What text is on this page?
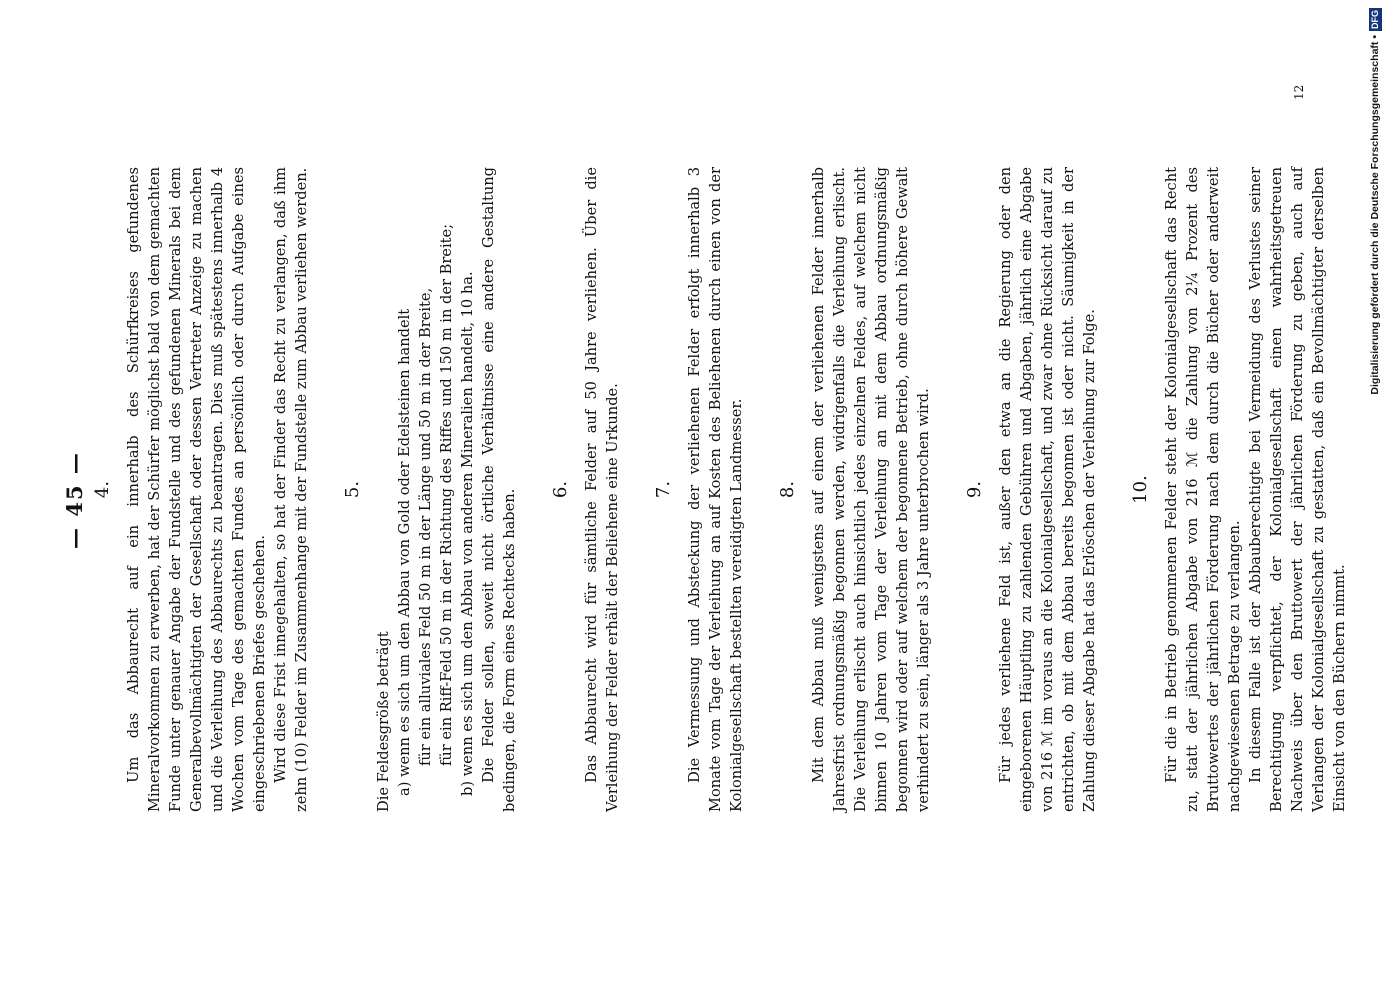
— 45 — 4. Um das Abbaurecht auf ein innerhalb des Schürfkreises gefundenes Mineralvorkommen zu erwerben, hat der Schürfer möglichst bald von dem gemachten Funde unter genauer Angabe der Fundstelle und des gefundenen Minerals bei dem Generalbevollmächtigten der Gesellschaft oder dessen Vertreter Anzeige zu machen und die Verleihung des Abbaurechts zu beantragen. Dies muß spätestens innerhalb 4 Wochen vom Tage des gemachten Fundes an persönlich oder durch Aufgabe eines eingeschriebenen Briefes geschehen. Wird diese Frist innegehalten, so hat der Finder das Recht zu verlangen, daß ihm zehn (10) Felder im Zusammenhange mit der Fundstelle zum Abbau verliehen werden. 5.

Die Feldesgröße beträgt a) wenn es sich um den Abbau von Gold oder Edelsteinen handelt für ein alluviales Feld 50 m in der Länge und 50 m in der Breite, für ein Riff-Feld 50 m in der Richtung des Riffes und 150 m in der Breite; b) wenn es sich um den Abbau von anderen Mineralien handelt, 10 ha. Die Felder sollen, soweit nicht örtliche Verhältnisse eine andere Gestaltung bedingen, die Form eines Rechtecks haben. 6. Das Abbaurecht wird für sämtliche Felder auf 50 Jahre verliehen. Über die Verleihung der Felder erhält der Beliehene eine Urkunde. 7. Die Vermessung und Absteckung der verliehenen Felder erfolgt innerhalb 3 Monate vom Tage der Verleihung an auf Kosten des Beliehenen durch einen von der Kolonialgesellschaft bestellten vereidigten Landmesser. 8. Mit dem Abbau muß wenigstens auf einem der verliehenen Felder innerhalb Jahresfrist ordnungsmäßig begonnen werden, widrigenfalls die Verleihung erlischt. Die Verleihung erlischt auch hinsichtlich jedes einzelnen Feldes, auf welchem nicht binnen 10 Jahren vom Tage der Verleihung an mit dem Abbau ordnungsmäßig begonnen wird oder auf welchem der begonnene Betrieb, ohne durch höhere Gewalt verhindert zu sein, länger als 3 Jahre unterbrochen wird. 9. Für jedes verliehene Feld ist, außer den etwa an die Regierung oder den eingeborenen Häuptling zu zahlenden Gebühren und Abgaben, jährlich eine Abgabe von 216 ℳ im voraus an die Kolonialgesellschaft, und zwar ohne Rücksicht darauf zu entrichten, ob mit dem Abbau bereits begonnen ist oder nicht. Säumigkeit in der Zahlung dieser Abgabe hat das Erlöschen der Verleihung zur Folge. 10. Für die in Betrieb genommenen Felder steht der Kolonialgesellschaft das Recht zu, statt der jährlichen Abgabe von 216 ℳ die Zahlung von 2¼ Prozent des Bruttowertes der jährlichen Förderung nach dem durch die Bücher oder anderweit nachgewiesenen Betrage zu verlangen. In diesem Falle ist der Abbauberechtigte bei Vermeidung des Verlustes seiner Berechtigung verpflichtet, der Kolonialgesellschaft einen wahrheitsgetreuen Nachweis über den Bruttowert der jährlichen Förderung zu geben, auch auf Verlangen der Kolonialgesellschaft zu gestatten, daß ein Bevollmächtigter derselben Einsicht von den Büchern nimmt.

12	Digitalisierung gefördert durch die Deutsche Forschungsgemeinschaft •
DFG
